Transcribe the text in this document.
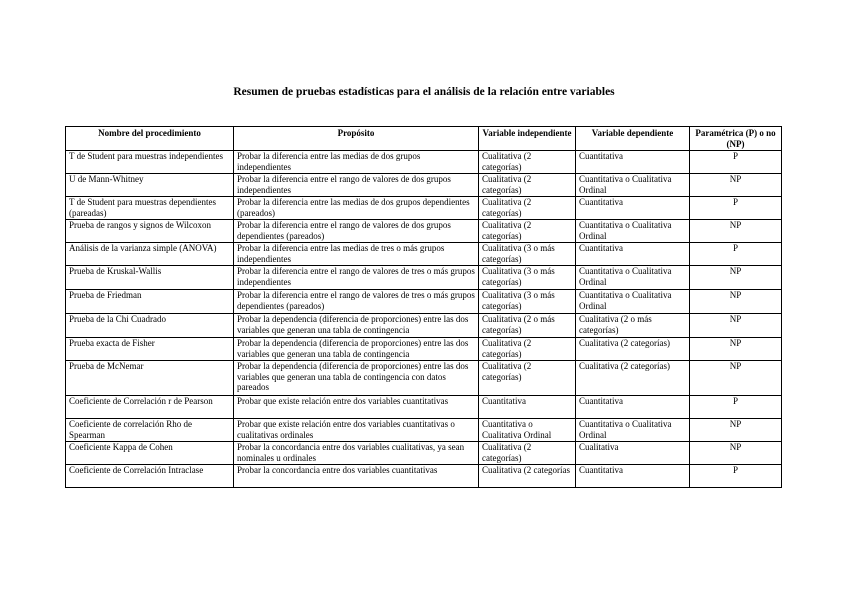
Resumen de pruebas estadísticas para el análisis de la relación entre variables
Nombre del procedimiento	Propósito	Variable independiente	Variable dependiente	Paramétrica (P) o no (NP)
T de Student para muestras independientes	Probar la diferencia entre las medias de dos grupos independientes	Cualitativa (2 categorías)	Cuantitativa	P
U de Mann-Whitney	Probar la diferencia entre el rango de valores de dos grupos independientes	Cualitativa (2 categorías)	Cuantitativa o Cualitativa Ordinal	NP
T de Student para muestras dependientes (pareadas)	Probar la diferencia entre las medias de dos grupos dependientes (pareados)	Cualitativa (2 categorías)	Cuantitativa	P
Prueba de rangos y signos de Wilcoxon	Probar la diferencia entre el rango de valores de dos grupos dependientes (pareados)	Cualitativa (2 categorías)	Cuantitativa o Cualitativa Ordinal	NP
Análisis de la varianza simple (ANOVA)	Probar la diferencia entre las medias de tres o más grupos independientes	Cualitativa (3 o más categorías)	Cuantitativa	P
Prueba de Kruskal-Wallis	Probar la diferencia entre el rango de valores de tres o más grupos independientes	Cualitativa (3 o más categorías)	Cuantitativa o Cualitativa Ordinal	NP
Prueba de Friedman	Probar la diferencia entre el rango de valores de tres o más grupos dependientes (pareados)	Cualitativa (3 o más categorías)	Cuantitativa o Cualitativa Ordinal	NP
Prueba de la Chi Cuadrado	Probar la dependencia (diferencia de proporciones) entre las dos variables que generan una tabla de contingencia	Cualitativa (2 o más categorías)	Cualitativa (2 o más categorías)	NP
Prueba exacta de Fisher	Probar la dependencia (diferencia de proporciones) entre las dos variables que generan una tabla de contingencia	Cualitativa (2 categorías)	Cualitativa (2 categorías)	NP
Prueba de McNemar	Probar la dependencia (diferencia de proporciones) entre las dos variables que generan una tabla de contingencia con datos pareados	Cualitativa (2 categorías)	Cualitativa (2 categorías)	NP
Coeficiente de Correlación r de Pearson	Probar que existe relación entre dos variables cuantitativas	Cuantitativa	Cuantitativa	P
Coeficiente de correlación Rho de Spearman	Probar que existe relación entre dos variables cuantitativas o cualitativas ordinales	Cuantitativa o Cualitativa Ordinal	Cuantitativa o Cualitativa Ordinal	NP
Coeficiente Kappa de Cohen	Probar la concordancia entre dos variables cualitativas, ya sean nominales u ordinales	Cualitativa (2 categorías)	Cualitativa	NP
Coeficiente de Correlación Intraclase	Probar la concordancia entre dos variables cuantitativas	Cualitativa (2 categorías	Cuantitativa	P
